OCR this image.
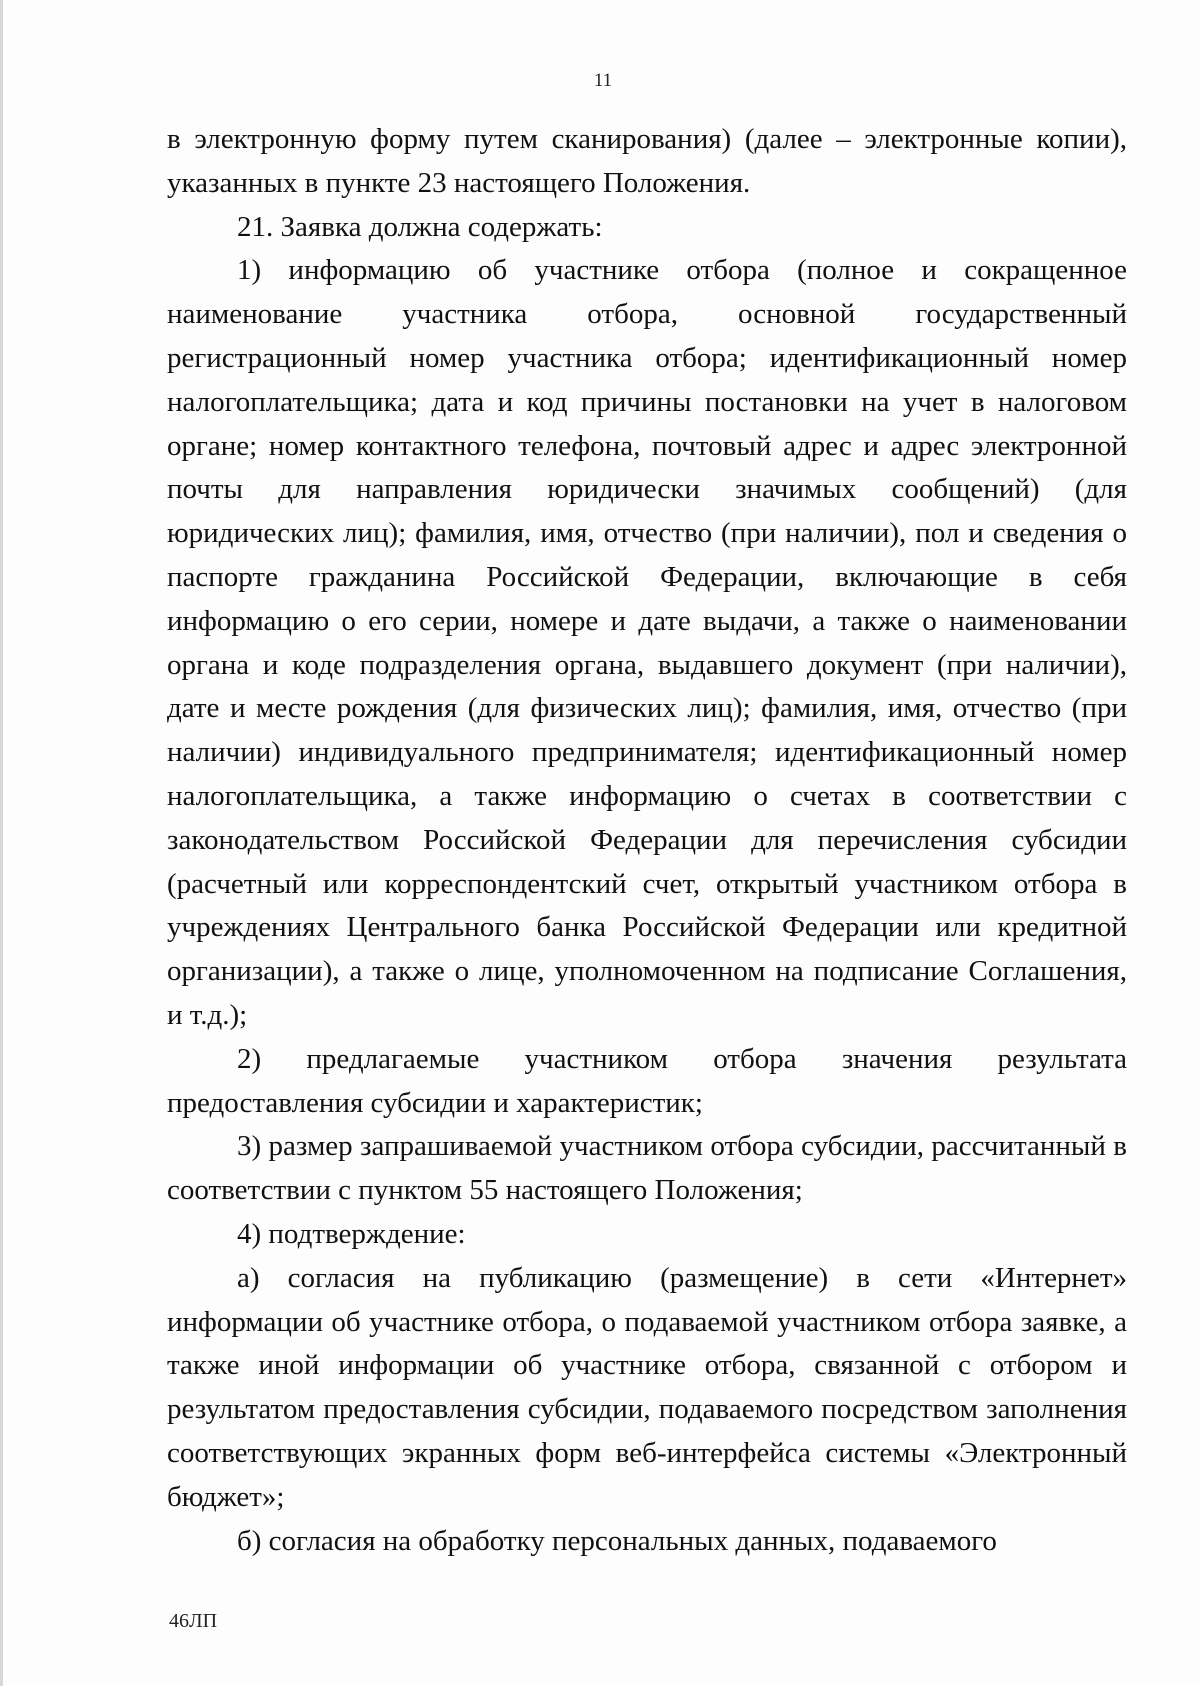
11

в электронную форму путем сканирования) (далее – электронные копии), указанных в пункте 23 настоящего Положения.

21. Заявка должна содержать:

1) информацию об участнике отбора (полное и сокращенное наименование участника отбора, основной государственный регистрационный номер участника отбора; идентификационный номер налогоплательщика; дата и код причины постановки на учет в налоговом органе; номер контактного телефона, почтовый адрес и адрес электронной почты для направления юридически значимых сообщений) (для юридических лиц); фамилия, имя, отчество (при наличии), пол и сведения о паспорте гражданина Российской Федерации, включающие в себя информацию о его серии, номере и дате выдачи, а также о наименовании органа и коде подразделения органа, выдавшего документ (при наличии), дате и месте рождения (для физических лиц); фамилия, имя, отчество (при наличии) индивидуального предпринимателя; идентификационный номер налогоплательщика, а также информацию о счетах в соответствии с законодательством Российской Федерации для перечисления субсидии (расчетный или корреспондентский счет, открытый участником отбора в учреждениях Центрального банка Российской Федерации или кредитной организации), а также о лице, уполномоченном на подписание Соглашения, и т.д.);

2) предлагаемые участником отбора значения результата предоставления субсидии и характеристик;

3) размер запрашиваемой участником отбора субсидии, рассчитанный в соответствии с пунктом 55 настоящего Положения;

4) подтверждение:

а) согласия на публикацию (размещение) в сети «Интернет» информации об участнике отбора, о подаваемой участником отбора заявке, а также иной информации об участнике отбора, связанной с отбором и результатом предоставления субсидии, подаваемого посредством заполнения соответствующих экранных форм веб-интерфейса системы «Электронный бюджет»;

б) согласия на обработку персональных данных, подаваемого

46ЛП
